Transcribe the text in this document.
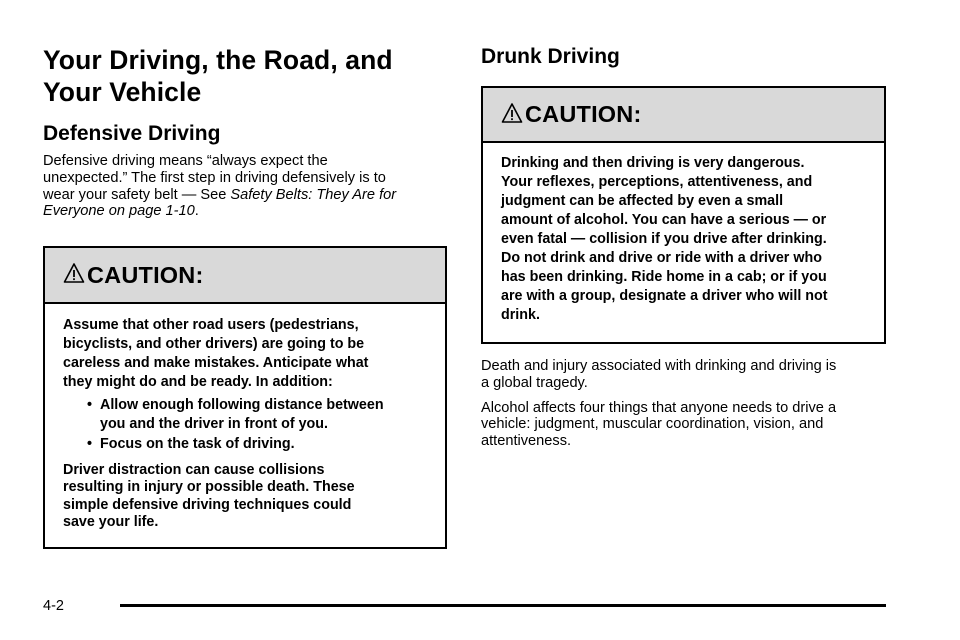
Your Driving, the Road, and
Your Vehicle
Defensive Driving
Defensive driving means “always expect the
unexpected.” The first step in driving defensively is to
wear your safety belt — See Safety Belts: They Are for
Everyone on page 1-10.
CAUTION:
Assume that other road users (pedestrians,
bicyclists, and other drivers) are going to be
careless and make mistakes. Anticipate what
they might do and be ready. In addition:
• Allow enough following distance between
you and the driver in front of you.
• Focus on the task of driving.
Driver distraction can cause collisions
resulting in injury or possible death. These
simple defensive driving techniques could
save your life.
Drunk Driving
CAUTION:
Drinking and then driving is very dangerous.
Your reflexes, perceptions, attentiveness, and
judgment can be affected by even a small
amount of alcohol. You can have a serious — or
even fatal — collision if you drive after drinking.
Do not drink and drive or ride with a driver who
has been drinking. Ride home in a cab; or if you
are with a group, designate a driver who will not
drink.
Death and injury associated with drinking and driving is
a global tragedy.
Alcohol affects four things that anyone needs to drive a
vehicle: judgment, muscular coordination, vision, and
attentiveness.
4-2
